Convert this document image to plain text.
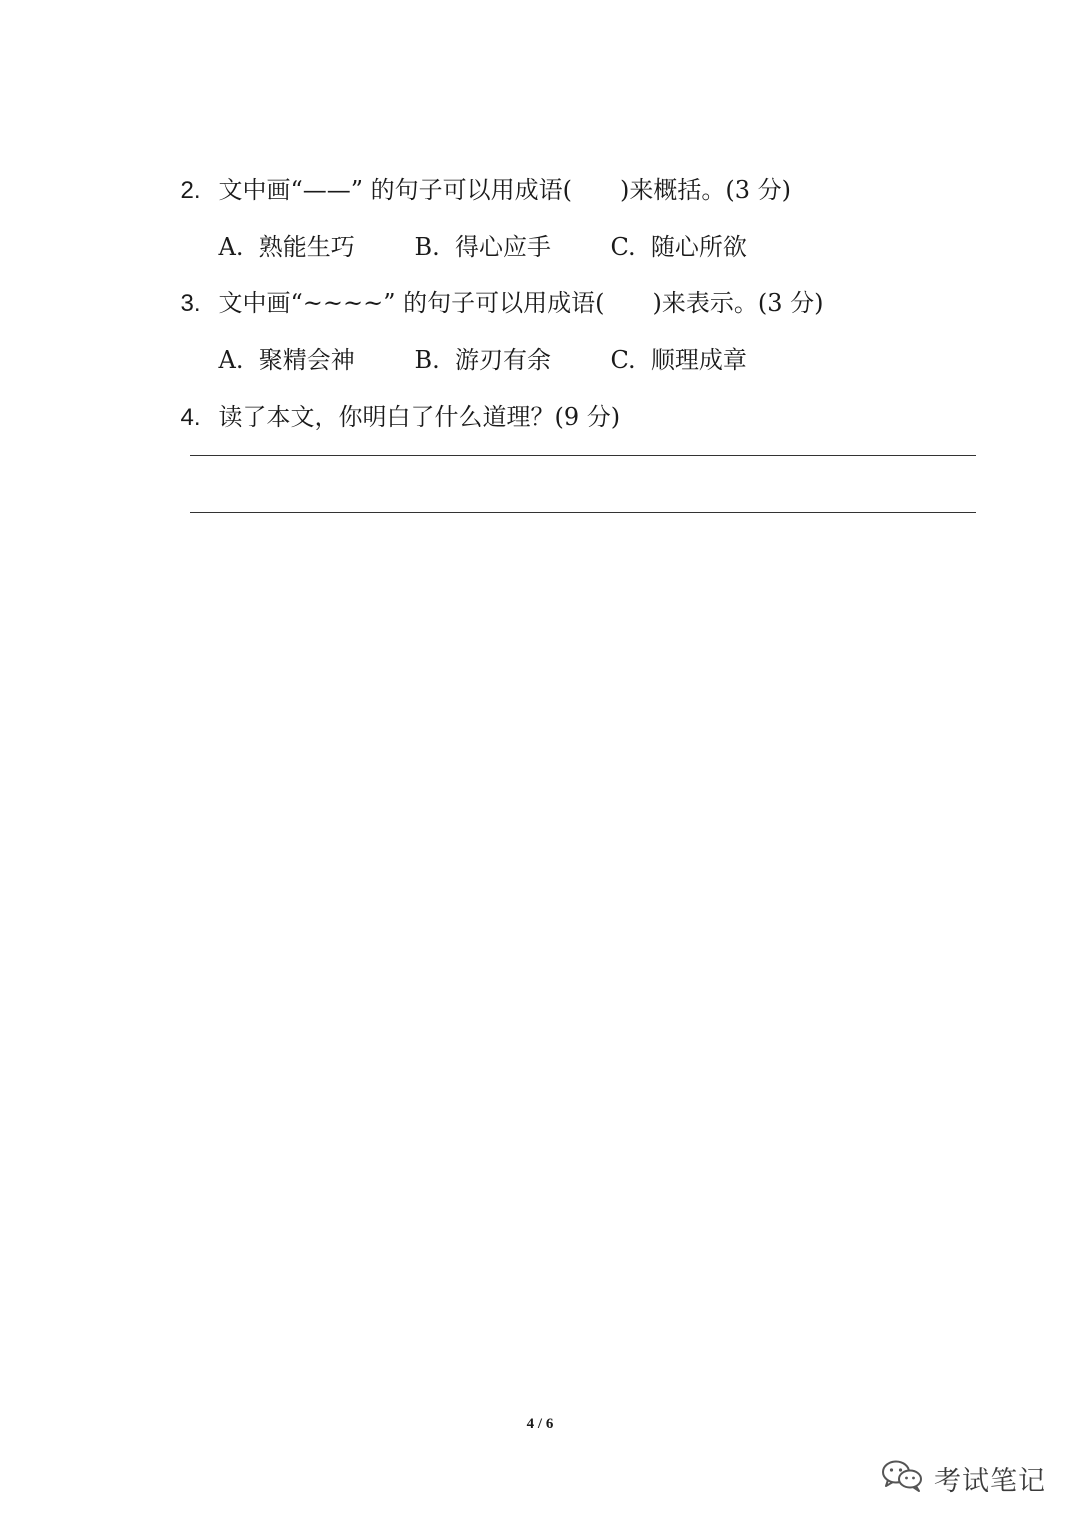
2. 文中画“——” 的句子可以用成语(　　)来概括。(3 分)

A.  熟能生巧 B.  得心应手 C.  随心所欲

3. 文中画“~~~~” 的句子可以用成语(　　)来表示。(3 分)

A.  聚精会神 B.  游刃有余 C.  顺理成章

4. 读了本文，你明白了什么道理？(9 分)

4 / 6
考试笔记
